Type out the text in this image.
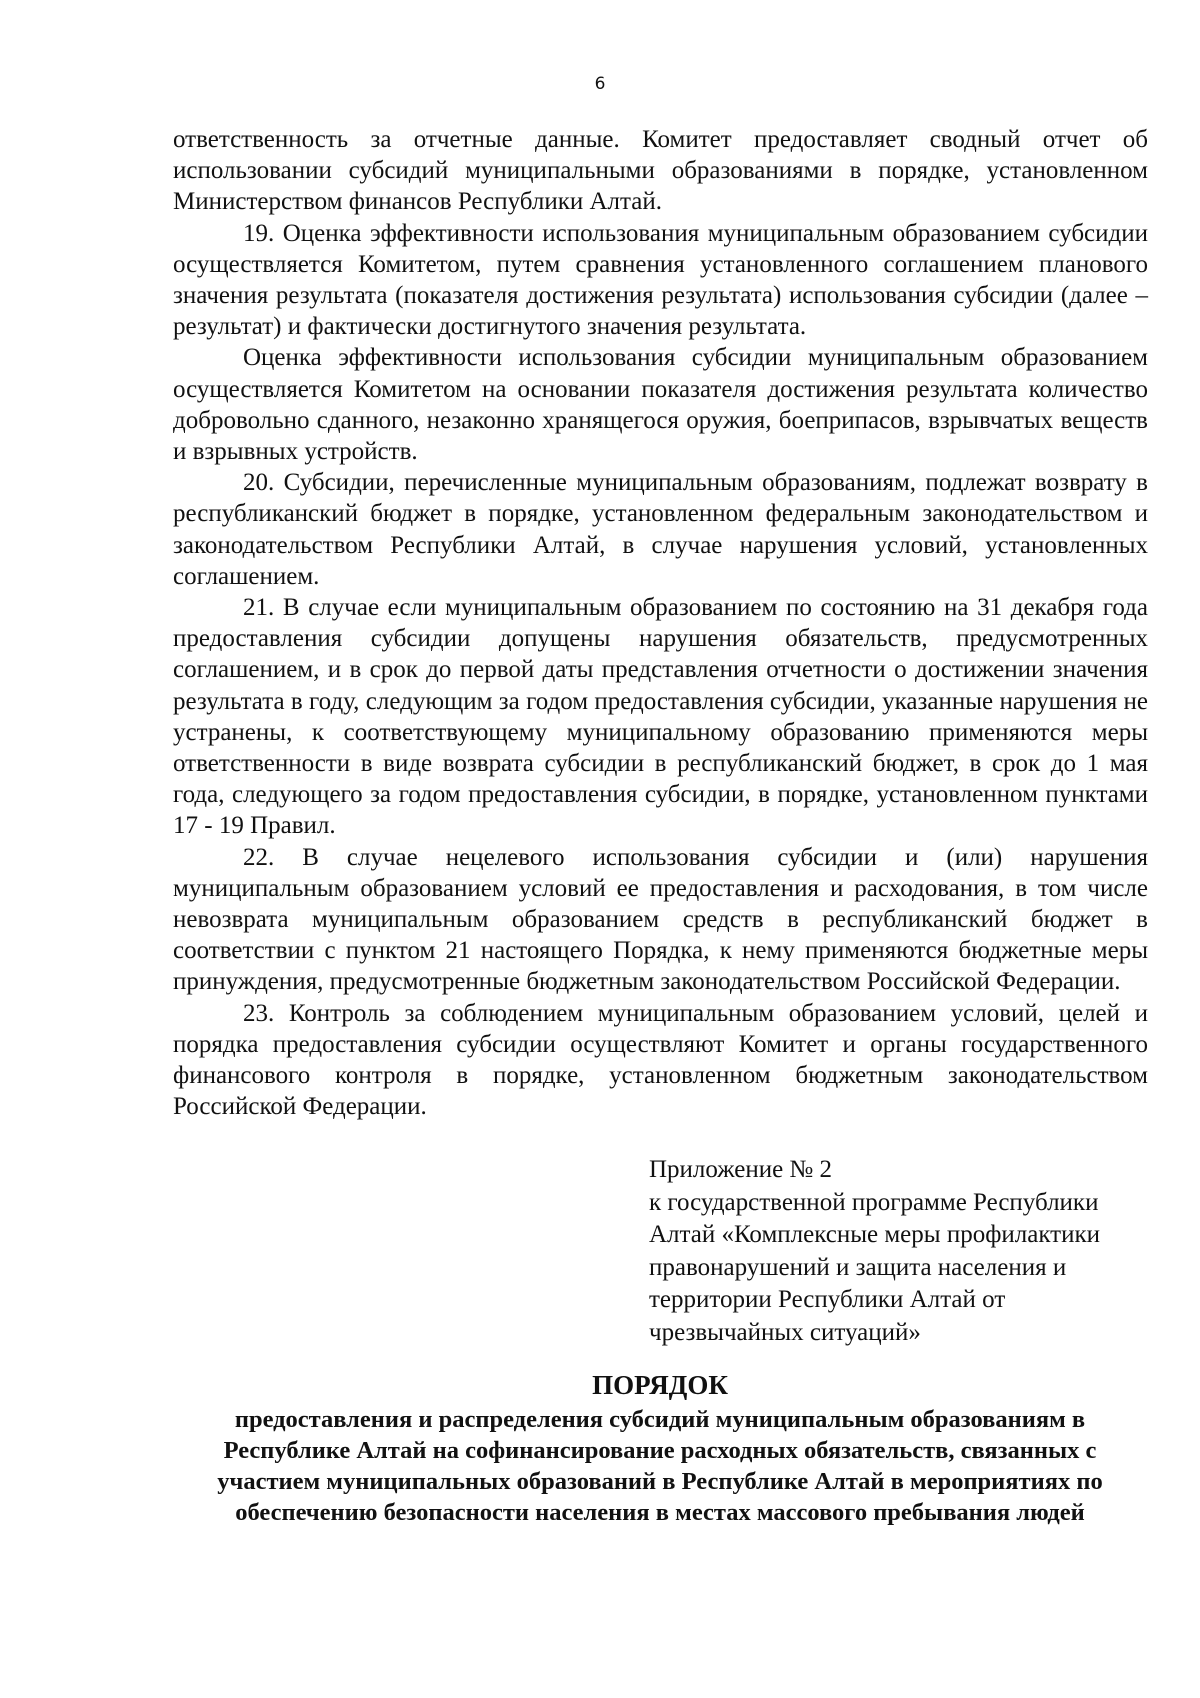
6

ответственность за отчетные данные. Комитет предоставляет сводный отчет об использовании субсидий муниципальными образованиями в порядке, установленном Министерством финансов Республики Алтай.

19. Оценка эффективности использования муниципальным образованием субсидии осуществляется Комитетом, путем сравнения установленного соглашением планового значения результата (показателя достижения результата) использования субсидии (далее – результат) и фактически достигнутого значения результата.

Оценка эффективности использования субсидии муниципальным образованием осуществляется Комитетом на основании показателя достижения результата количество добровольно сданного, незаконно хранящегося оружия, боеприпасов, взрывчатых веществ и взрывных устройств.

20. Субсидии, перечисленные муниципальным образованиям, подлежат возврату в республиканский бюджет в порядке, установленном федеральным законодательством и законодательством Республики Алтай, в случае нарушения условий, установленных соглашением.

21. В случае если муниципальным образованием по состоянию на 31 декабря года предоставления субсидии допущены нарушения обязательств, предусмотренных соглашением, и в срок до первой даты представления отчетности о достижении значения результата в году, следующим за годом предоставления субсидии, указанные нарушения не устранены, к соответствующему муниципальному образованию применяются меры ответственности в виде возврата субсидии в республиканский бюджет, в срок до 1 мая года, следующего за годом предоставления субсидии, в порядке, установленном пунктами 17 - 19 Правил.

22. В случае нецелевого использования субсидии и (или) нарушения муниципальным образованием условий ее предоставления и расходования, в том числе невозврата муниципальным образованием средств в республиканский бюджет в соответствии с пунктом 21 настоящего Порядка, к нему применяются бюджетные меры принуждения, предусмотренные бюджетным законодательством Российской Федерации.

23. Контроль за соблюдением муниципальным образованием условий, целей и порядка предоставления субсидии осуществляют Комитет и органы государственного финансового контроля в порядке, установленном бюджетным законодательством Российской Федерации.

Приложение № 2
к государственной программе Республики
Алтай «Комплексные меры профилактики
правонарушений и защита населения и
территории Республики Алтай от
чрезвычайных ситуаций»
ПОРЯДОК
предоставления и распределения субсидий муниципальным образованиям в
Республике Алтай на софинансирование расходных обязательств, связанных с
участием муниципальных образований в Республике Алтай в мероприятиях по
обеспечению безопасности населения в местах массового пребывания людей
